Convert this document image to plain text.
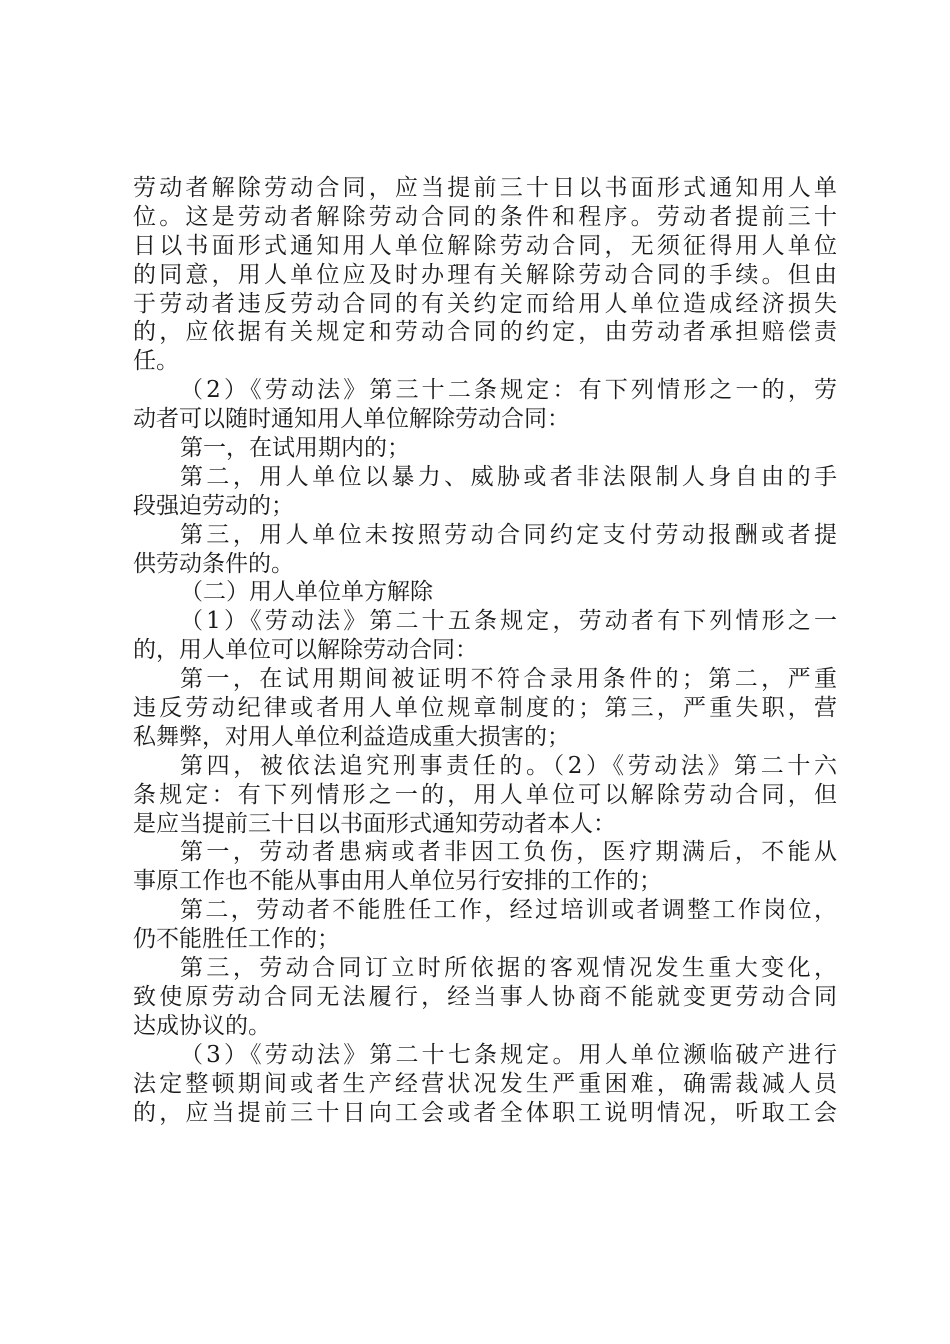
劳动者解除劳动合同，应当提前三十日以书面形式通知用人单
位。这是劳动者解除劳动合同的条件和程序。劳动者提前三十
日以书面形式通知用人单位解除劳动合同，无须征得用人单位
的同意，用人单位应及时办理有关解除劳动合同的手续。但由
于劳动者违反劳动合同的有关约定而给用人单位造成经济损失
的，应依据有关规定和劳动合同的约定，由劳动者承担赔偿责
任。
（2）《劳动法》第三十二条规定：有下列情形之一的，劳
动者可以随时通知用人单位解除劳动合同：
第一，在试用期内的；
第二，用人单位以暴力、威胁或者非法限制人身自由的手
段强迫劳动的；
第三，用人单位未按照劳动合同约定支付劳动报酬或者提
供劳动条件的。
（二）用人单位单方解除
（1）《劳动法》第二十五条规定，劳动者有下列情形之一
的，用人单位可以解除劳动合同：
第一，在试用期间被证明不符合录用条件的；第二，严重
违反劳动纪律或者用人单位规章制度的；第三，严重失职，营
私舞弊，对用人单位利益造成重大损害的；
第四，被依法追究刑事责任的。（2）《劳动法》第二十六
条规定：有下列情形之一的，用人单位可以解除劳动合同，但
是应当提前三十日以书面形式通知劳动者本人：
第一，劳动者患病或者非因工负伤，医疗期满后，不能从
事原工作也不能从事由用人单位另行安排的工作的；
第二，劳动者不能胜任工作，经过培训或者调整工作岗位，
仍不能胜任工作的；
第三，劳动合同订立时所依据的客观情况发生重大变化，
致使原劳动合同无法履行，经当事人协商不能就变更劳动合同
达成协议的。
（3）《劳动法》第二十七条规定。用人单位濒临破产进行
法定整顿期间或者生产经营状况发生严重困难，确需裁减人员
的，应当提前三十日向工会或者全体职工说明情况，听取工会
